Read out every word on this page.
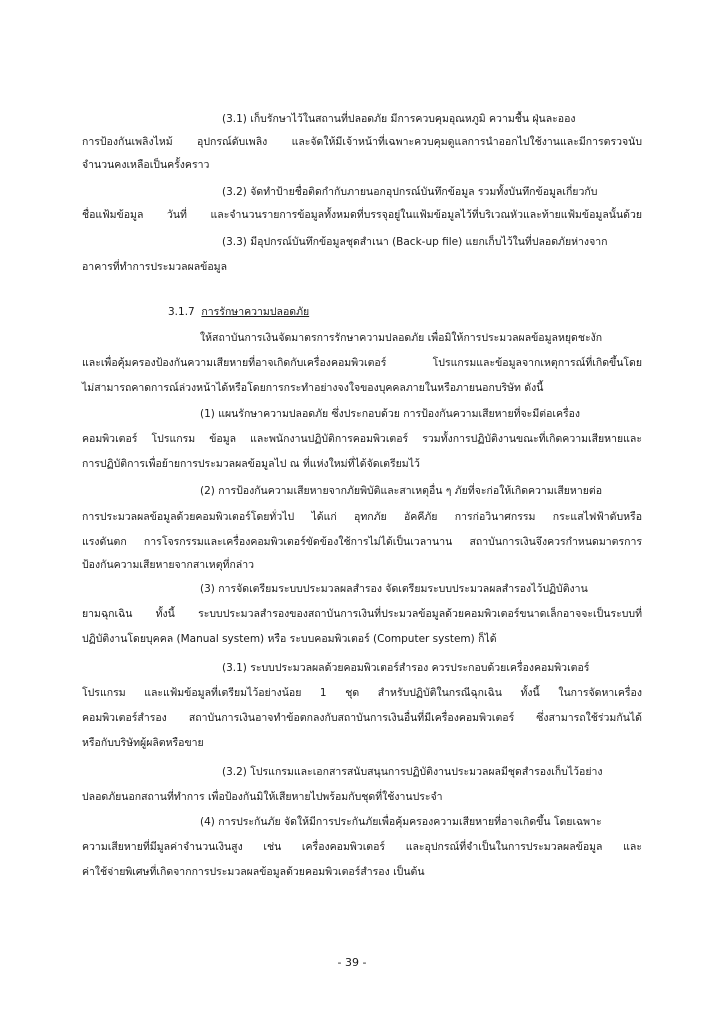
(3.1) เก็บรักษาไว้ในสถานที่ปลอดภัย มีการควบคุมอุณหภูมิ ความชื้น ฝุ่นละออง
การป้องกันเพลิงไหม้ อุปกรณ์ดับเพลิง และจัดให้มีเจ้าหน้าที่เฉพาะควบคุมดูแลการนำออกไปใช้งานและมีการตรวจนับ
จำนวนคงเหลือเป็นครั้งคราว
(3.2) จัดทำป้ายชื่อติดกำกับภายนอกอุปกรณ์บันทึกข้อมูล รวมทั้งบันทึกข้อมูลเกี่ยวกับ
ชื่อแฟ้มข้อมูล วันที่ และจำนวนรายการข้อมูลทั้งหมดที่บรรจุอยู่ในแฟ้มข้อมูลไว้ที่บริเวณหัวและท้ายแฟ้มข้อมูลนั้นด้วย
(3.3) มีอุปกรณ์บันทึกข้อมูลชุดสำเนา (Back-up file) แยกเก็บไว้ในที่ปลอดภัยห่างจาก
อาคารที่ทำการประมวลผลข้อมูล
3.1.7 การรักษาความปลอดภัย
ให้สถาบันการเงินจัดมาตรการรักษาความปลอดภัย เพื่อมิให้การประมวลผลข้อมูลหยุดชะงัก
และเพื่อคุ้มครองป้องกันความเสียหายที่อาจเกิดกับเครื่องคอมพิวเตอร์ โปรแกรมและข้อมูลจากเหตุการณ์ที่เกิดขึ้นโดย
ไม่สามารถคาดการณ์ล่วงหน้าได้หรือโดยการกระทำอย่างจงใจของบุคคลภายในหรือภายนอกบริษัท ดังนี้
(1) แผนรักษาความปลอดภัย ซึ่งประกอบด้วย การป้องกันความเสียหายที่จะมีต่อเครื่อง
คอมพิวเตอร์ โปรแกรม ข้อมูล และพนักงานปฏิบัติการคอมพิวเตอร์ รวมทั้งการปฏิบัติงานขณะที่เกิดความเสียหายและ
การปฏิบัติการเพื่อย้ายการประมวลผลข้อมูลไป ณ ที่แห่งใหม่ที่ได้จัดเตรียมไว้
(2) การป้องกันความเสียหายจากภัยพิบัติและสาเหตุอื่น ๆ ภัยที่จะก่อให้เกิดความเสียหายต่อ
การประมวลผลข้อมูลด้วยคอมพิวเตอร์โดยทั่วไป ได้แก่ อุทกภัย อัคคีภัย การก่อวินาศกรรม กระแสไฟฟ้าดับหรือ
แรงดันตก การโจรกรรมและเครื่องคอมพิวเตอร์ขัดข้องใช้การไม่ได้เป็นเวลานาน สถาบันการเงินจึงควรกำหนดมาตรการ
ป้องกันความเสียหายจากสาเหตุที่กล่าว
(3) การจัดเตรียมระบบประมวลผลสำรอง จัดเตรียมระบบประมวลผลสำรองไว้ปฏิบัติงาน
ยามฉุกเฉิน ทั้งนี้ ระบบประมวลสำรองของสถาบันการเงินที่ประมวลข้อมูลด้วยคอมพิวเตอร์ขนาดเล็กอาจจะเป็นระบบที่
ปฏิบัติงานโดยบุคคล (Manual system) หรือ ระบบคอมพิวเตอร์ (Computer system) ก็ได้
(3.1) ระบบประมวลผลด้วยคอมพิวเตอร์สำรอง ควรประกอบด้วยเครื่องคอมพิวเตอร์
โปรแกรม และแฟ้มข้อมูลที่เตรียมไว้อย่างน้อย 1 ชุด สำหรับปฏิบัติในกรณีฉุกเฉิน ทั้งนี้ ในการจัดหาเครื่อง
คอมพิวเตอร์สำรอง สถาบันการเงินอาจทำข้อตกลงกับสถาบันการเงินอื่นที่มีเครื่องคอมพิวเตอร์ ซึ่งสามารถใช้ร่วมกันได้
หรือกับบริษัทผู้ผลิตหรือขาย
(3.2) โปรแกรมและเอกสารสนับสนุนการปฏิบัติงานประมวลผลมีชุดสำรองเก็บไว้อย่าง
ปลอดภัยนอกสถานที่ทำการ เพื่อป้องกันมิให้เสียหายไปพร้อมกับชุดที่ใช้งานประจำ
(4) การประกันภัย จัดให้มีการประกันภัยเพื่อคุ้มครองความเสียหายที่อาจเกิดขึ้น โดยเฉพาะ
ความเสียหายที่มีมูลค่าจำนวนเงินสูง เช่น เครื่องคอมพิวเตอร์ และอุปกรณ์ที่จำเป็นในการประมวลผลข้อมูล และ
ค่าใช้จ่ายพิเศษที่เกิดจากการประมวลผลข้อมูลด้วยคอมพิวเตอร์สำรอง เป็นต้น
- 39 -
